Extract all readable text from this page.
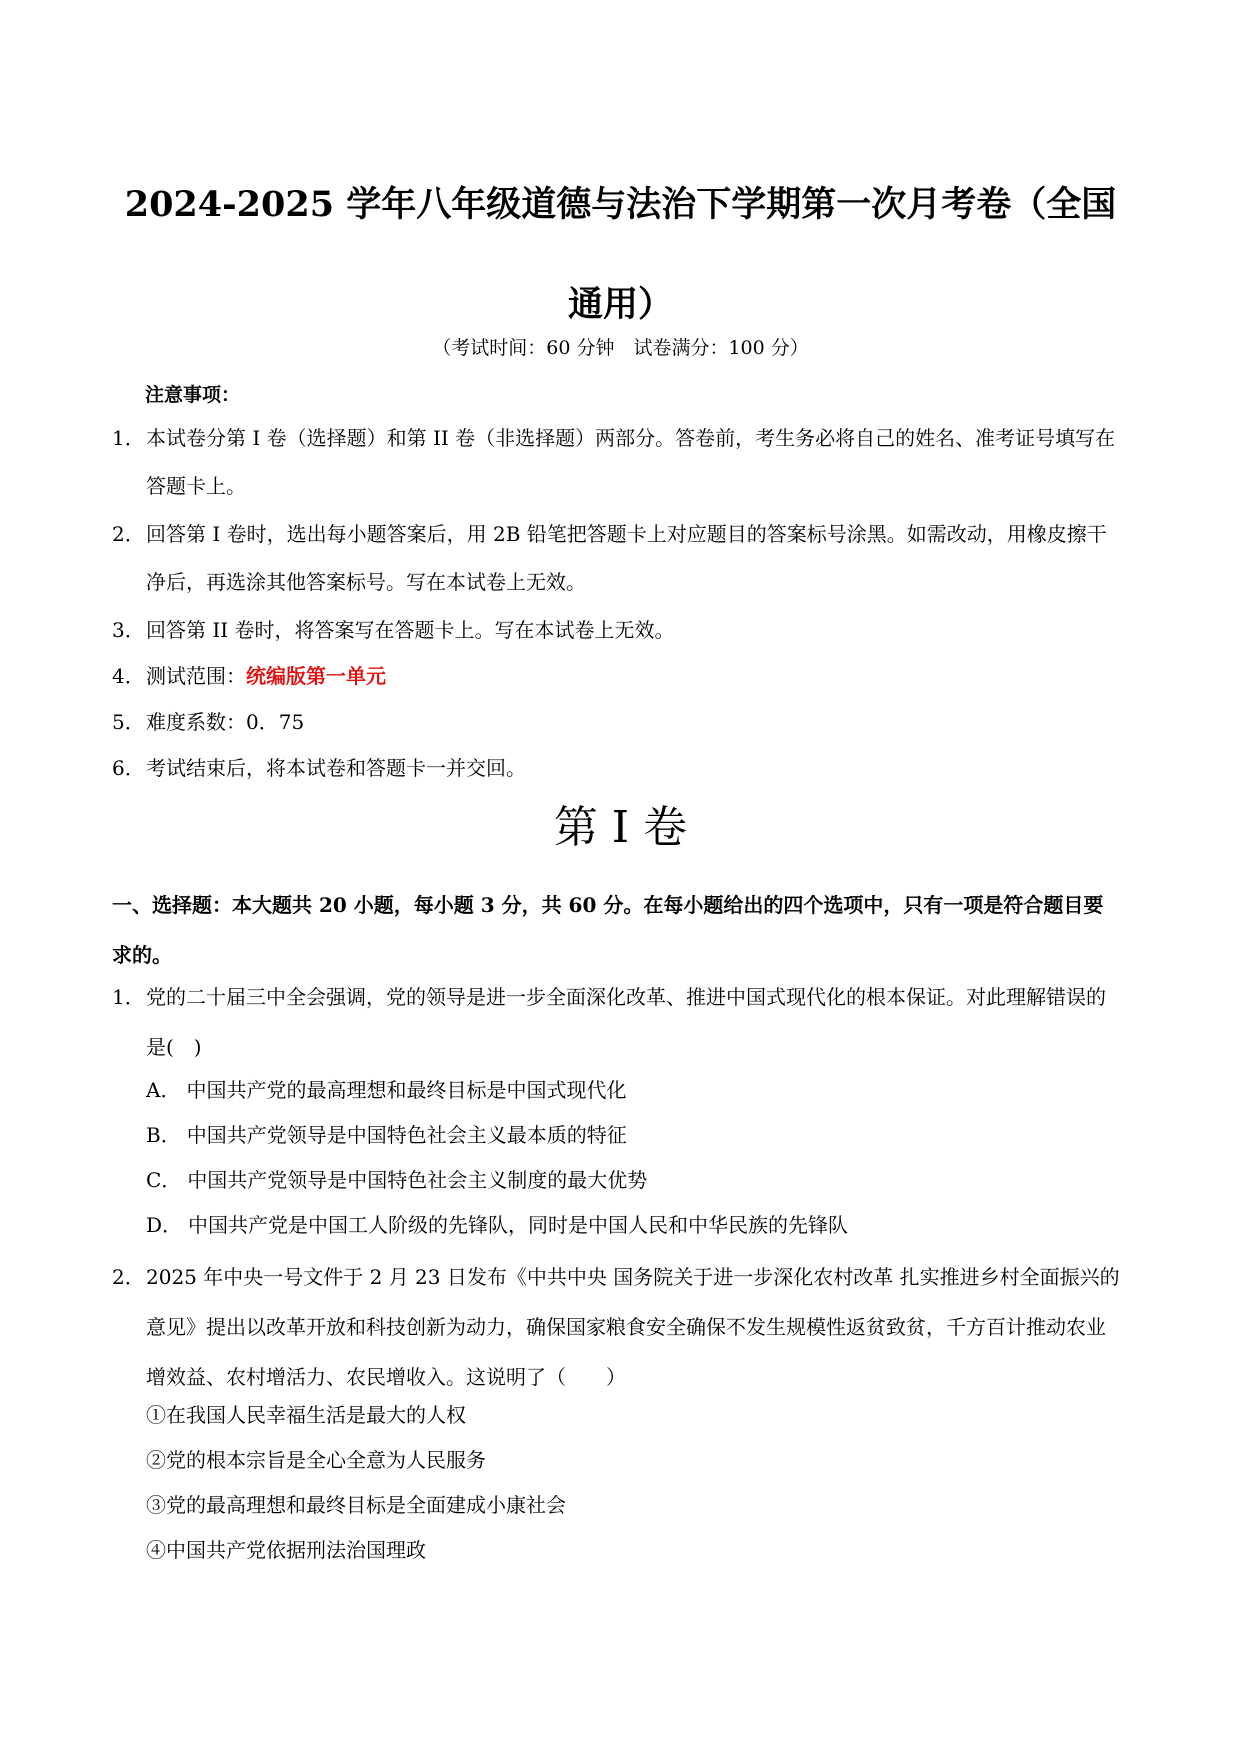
2024-2025 学年八年级道德与法治下学期第一次月考卷（全国通用）
（考试时间：60 分钟　试卷满分：100 分）
注意事项：
1． 本试卷分第 I 卷（选择题）和第 II 卷（非选择题）两部分。答卷前，考生务必将自己的姓名、准考证号填写在答题卡上。
2． 回答第 I 卷时，选出每小题答案后，用 2B 铅笔把答题卡上对应题目的答案标号涂黑。如需改动，用橡皮擦干净后，再选涂其他答案标号。写在本试卷上无效。
3． 回答第 II 卷时，将答案写在答题卡上。写在本试卷上无效。
4． 测试范围：统编版第一单元
5． 难度系数：0．75
6． 考试结束后，将本试卷和答题卡一并交回。
第 I 卷
一、选择题：本大题共 20 小题，每小题 3 分，共 60 分。在每小题给出的四个选项中，只有一项是符合题目要求的。
1． 党的二十届三中全会强调，党的领导是进一步全面深化改革、推进中国式现代化的根本保证。对此理解错误的是(　)
A． 中国共产党的最高理想和最终目标是中国式现代化
B． 中国共产党领导是中国特色社会主义最本质的特征
C． 中国共产党领导是中国特色社会主义制度的最大优势
D． 中国共产党是中国工人阶级的先锋队，同时是中国人民和中华民族的先锋队
2． 2025 年中央一号文件于 2 月 23 日发布《中共中央 国务院关于进一步深化农村改革 扎实推进乡村全面振兴的意见》提出以改革开放和科技创新为动力，确保国家粮食安全确保不发生规模性返贫致贫，千方百计推动农业增效益、农村增活力、农民增收入。这说明了（　　）
①在我国人民幸福生活是最大的人权
②党的根本宗旨是全心全意为人民服务
③党的最高理想和最终目标是全面建成小康社会
④中国共产党依据刑法治国理政
